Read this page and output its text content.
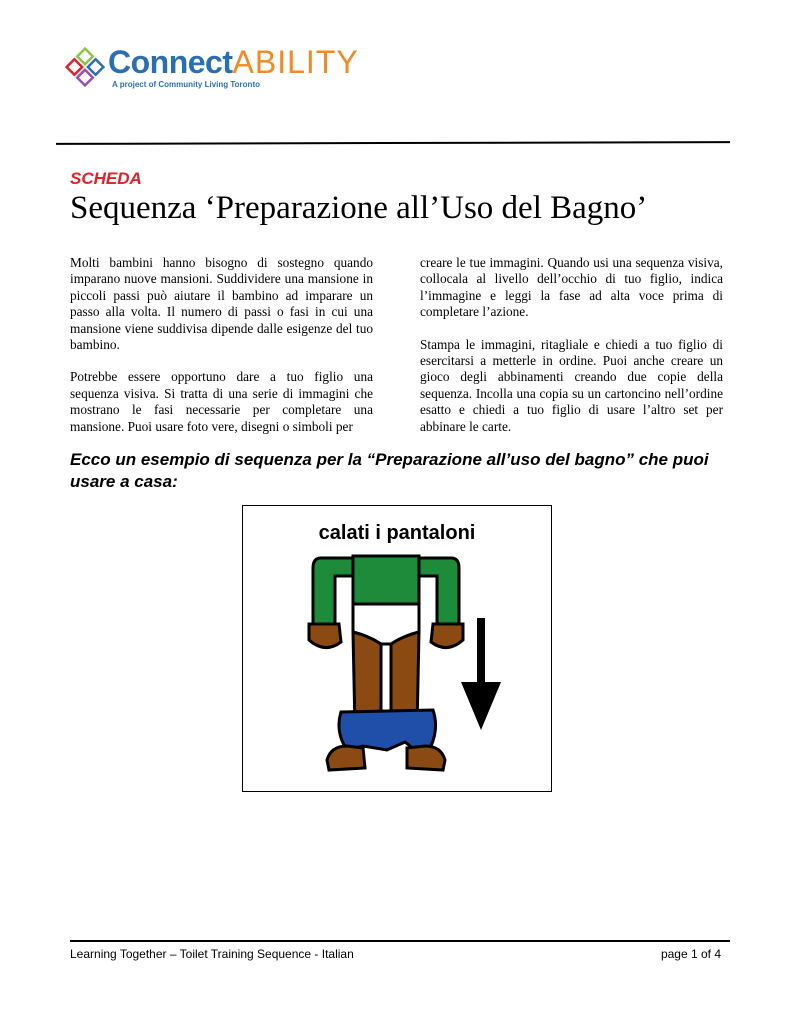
ConnectABILITY
A project of Community Living Toronto
SCHEDA
Sequenza ‘Preparazione all’Uso del Bagno’

Molti bambini hanno bisogno di sostegno quando imparano nuove mansioni. Suddividere una mansione in piccoli passi può aiutare il bambino ad imparare un passo alla volta. Il numero di passi o fasi in cui una mansione viene suddivisa dipende dalle esigenze del tuo bambino.

Potrebbe essere opportuno dare a tuo figlio una sequenza visiva. Si tratta di una serie di immagini che mostrano le fasi necessarie per completare una mansione. Puoi usare foto vere, disegni o simboli per

creare le tue immagini. Quando usi una sequenza visiva, collocala al livello dell’occhio di tuo figlio, indica l’immagine e leggi la fase ad alta voce prima di completare l’azione.

Stampa le immagini, ritagliale e chiedi a tuo figlio di esercitarsi a metterle in ordine. Puoi anche creare un gioco degli abbinamenti creando due copie della sequenza. Incolla una copia su un cartoncino nell’ordine esatto e chiedi a tuo figlio di usare l’altro set per abbinare le carte.

Ecco un esempio di sequenza per la “Preparazione all’uso del bagno” che puoi usare a casa:
calati i pantaloni
Learning Together – Toilet Training Sequence - Italian	page 1 of 4
